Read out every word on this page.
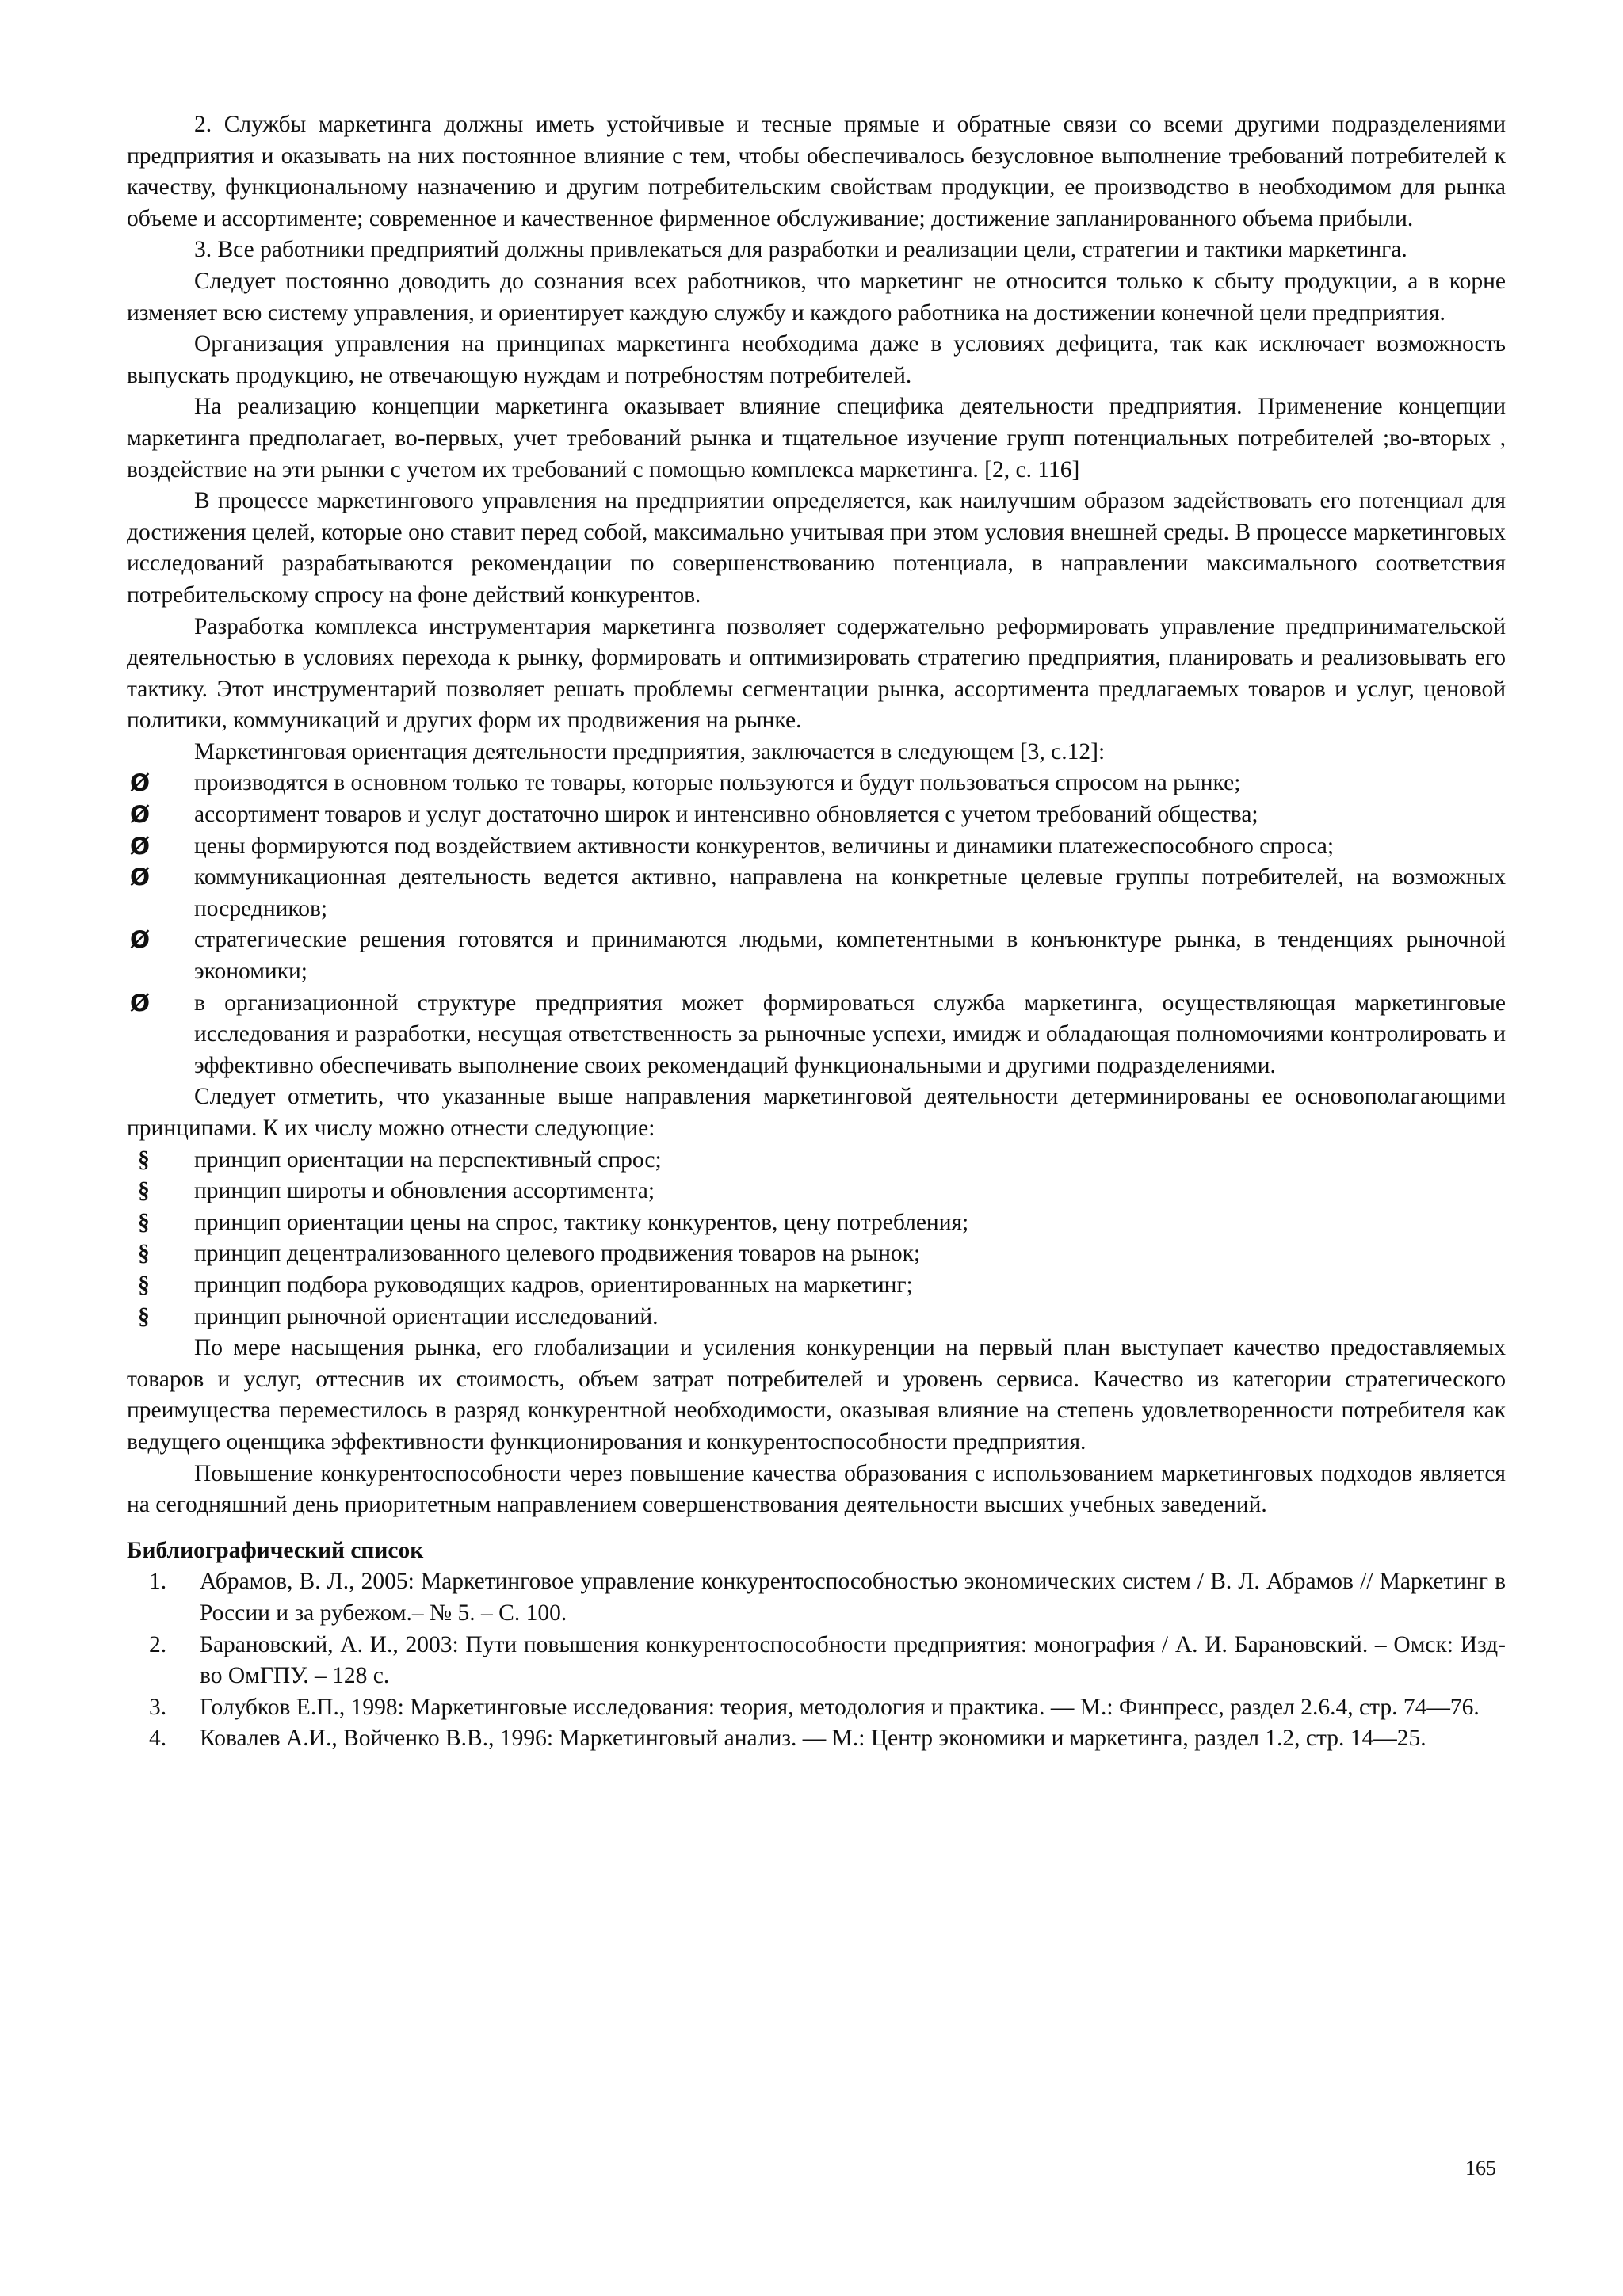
2. Службы маркетинга должны иметь устойчивые и тесные прямые и обратные связи со всеми другими подразделениями предприятия и оказывать на них постоянное влияние с тем, чтобы обеспечивалось безусловное выполнение требований потребителей к качеству, функциональному назначению и другим потребительским свойствам продукции, ее производство в необходимом для рынка объеме и ассортименте; современное и качественное фирменное обслуживание; достижение запланированного объема прибыли.

3. Все работники предприятий должны привлекаться для разработки и реализации цели, стратегии и тактики маркетинга.

Следует постоянно доводить до сознания всех работников, что маркетинг не относится только к сбыту продукции, а в корне изменяет всю систему управления, и ориентирует каждую службу и каждого работника на достижении конечной цели предприятия.

Организация управления на принципах маркетинга необходима даже в условиях дефицита, так как исключает возможность выпускать продукцию, не отвечающую нуждам и потребностям потребителей.

На реализацию концепции маркетинга оказывает влияние специфика деятельности предприятия. Применение концепции маркетинга предполагает, во-первых, учет требований рынка и тщательное изучение групп потенциальных потребителей ;во-вторых , воздействие на эти рынки с учетом их требований с помощью комплекса маркетинга. [2, с. 116]

В процессе маркетингового управления на предприятии определяется, как наилучшим образом задействовать его потенциал для достижения целей, которые оно ставит перед собой, максимально учитывая при этом условия внешней среды. В процессе маркетинговых исследований разрабатываются рекомендации по совершенствованию потенциала, в направлении максимального соответствия потребительскому спросу на фоне действий конкурентов.

Разработка комплекса инструментария маркетинга позволяет содержательно реформировать управление предпринимательской деятельностью в условиях перехода к рынку, формировать и оптимизировать стратегию предприятия, планировать и реализовывать его тактику. Этот инструментарий позволяет решать проблемы сегментации рынка, ассортимента предлагаемых товаров и услуг, ценовой политики, коммуникаций и других форм их продвижения на рынке.

Маркетинговая ориентация деятельности предприятия, заключается в следующем [3, с.12]:

Ø производятся в основном только те товары, которые пользуются и будут пользоваться спросом на рынке;
Ø ассортимент товаров и услуг достаточно широк и интенсивно обновляется с учетом требований общества;
Ø цены формируются под воздействием активности конкурентов, величины и динамики платежеспособного спроса;
Ø коммуникационная деятельность ведется активно, направлена на конкретные целевые группы потребителей, на возможных посредников;
Ø стратегические решения готовятся и принимаются людьми, компетентными в конъюнктуре рынка, в тенденциях рыночной экономики;
Ø в организационной структуре предприятия может формироваться служба маркетинга, осуществляющая маркетинговые исследования и разработки, несущая ответственность за рыночные успехи, имидж и обладающая полномочиями контролировать и эффективно обеспечивать выполнение своих рекомендаций функциональными и другими подразделениями.

Следует отметить, что указанные выше направления маркетинговой деятельности детерминированы ее основополагающими принципами. К их числу можно отнести следующие:

§ принцип ориентации на перспективный спрос;
§ принцип широты и обновления ассортимента;
§ принцип ориентации цены на спрос, тактику конкурентов, цену потребления;
§ принцип децентрализованного целевого продвижения товаров на рынок;
§ принцип подбора руководящих кадров, ориентированных на маркетинг;
§ принцип рыночной ориентации исследований.

По мере насыщения рынка, его глобализации и усиления конкуренции на первый план выступает качество предоставляемых товаров и услуг, оттеснив их стоимость, объем затрат потребителей и уровень сервиса. Качество из категории стратегического преимущества переместилось в разряд конкурентной необходимости, оказывая влияние на степень удовлетворенности потребителя как ведущего оценщика эффективности функционирования и конкурентоспособности предприятия.

Повышение конкурентоспособности через повышение качества образования с использованием маркетинговых подходов является на сегодняшний день приоритетным направлением совершенствования деятельности высших учебных заведений.

Библиографический список
1. Абрамов, В. Л., 2005: Маркетинговое управление конкурентоспособностью экономических систем / В. Л. Абрамов // Маркетинг в России и за рубежом.– № 5. – С. 100.
2. Барановский, А. И., 2003: Пути повышения конкурентоспособности предприятия: монография / А. И. Барановский. – Омск: Изд-во ОмГПУ. – 128 с.
3. Голубков Е.П., 1998: Маркетинговые исследования: теория, методология и практика. — М.: Финпресс, раздел 2.6.4, стр. 74—76.
4. Ковалев А.И., Войченко В.В., 1996: Маркетинговый анализ. — М.: Центр экономики и маркетинга, раздел 1.2, стр. 14—25.
165
